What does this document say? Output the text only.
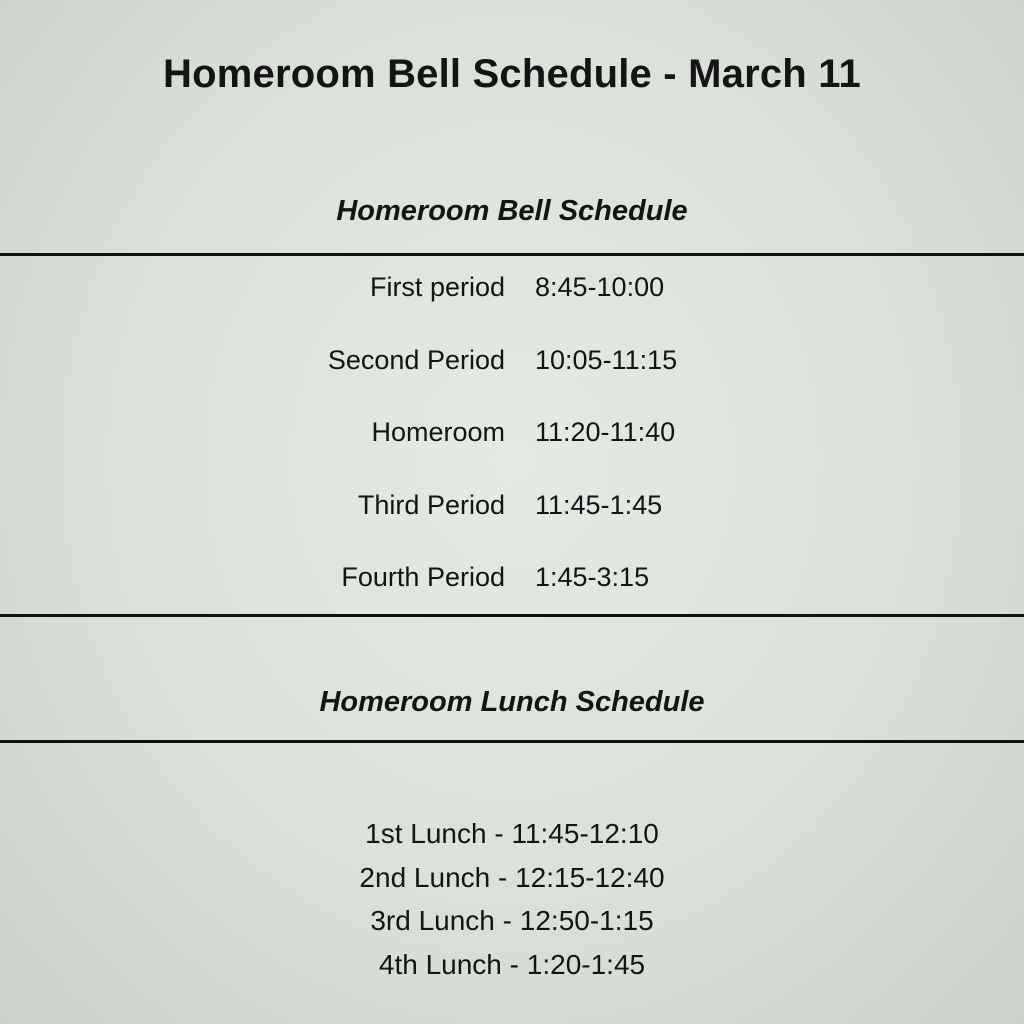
Homeroom Bell Schedule - March 11
Homeroom Bell Schedule
First period 8:45-10:00
Second Period 10:05-11:15
Homeroom 11:20-11:40
Third Period 11:45-1:45
Fourth Period 1:45-3:15
Homeroom Lunch Schedule
1st Lunch - 11:45-12:10
2nd Lunch - 12:15-12:40
3rd Lunch - 12:50-1:15
4th Lunch - 1:20-1:45
